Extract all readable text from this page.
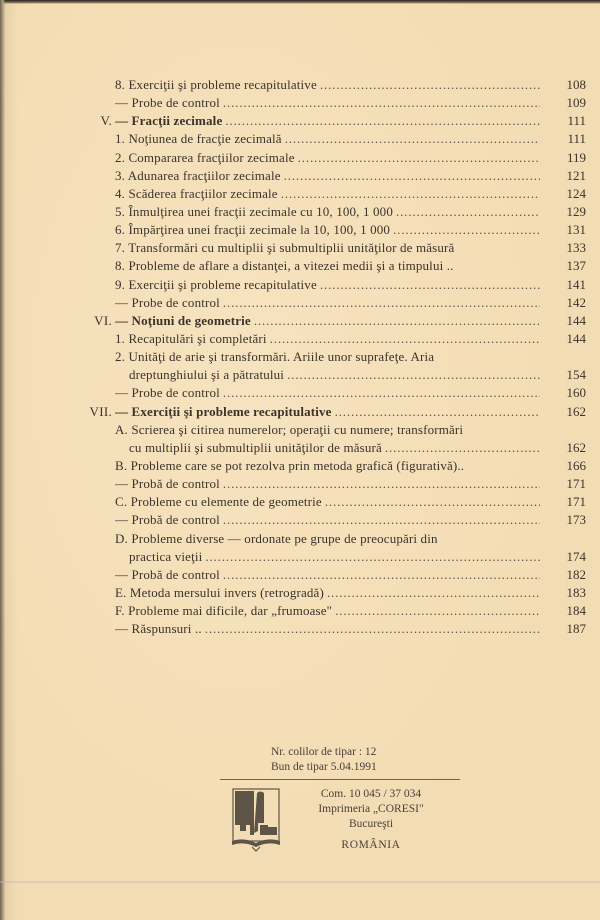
8. Exerciţii şi probleme recapitulative . . .	108
— Probe de control . . .	109
V. — Fracţii zecimale . . .	111
1. Noţiunea de fracţie zecimală . . .	111
2. Compararea fracţiilor zecimale . . .	119
3. Adunarea fracţiilor zecimale . . .	121
4. Scăderea fracţiilor zecimale . . .	124
5. Înmulţirea unei fracţii zecimale cu 10, 100, 1 000 . . .	129
6. Împărţirea unei fracţii zecimale la 10, 100, 1 000 . . .	131
7. Transformări cu multiplii şi submultiplii unităţilor de măsură	133
8. Probleme de aflare a distanţei, a vitezei medii şi a timpului ..	137
9. Exerciţii şi probleme recapitulative . . .	141
— Probe de control . . .	142
VI. — Noţiuni de geometrie . . .	144
1. Recapitulări şi completări . . .	144
2. Unităţi de arie şi transformări. Ariile unor suprafeţe. Aria
dreptunghiului şi a pătratului . . .	154
— Probe de control . . .	160
VII. — Exerciţii şi probleme recapitulative . . .	162
A. Scrierea şi citirea numerelor; operaţii cu numere; transformări
cu multiplii şi submultiplii unităţilor de măsură . . .	162
B. Probleme care se pot rezolva prin metoda grafică (figurativă)..	166
— Probă de control . . .	171
C. Probleme cu elemente de geometrie . . .	171
— Probă de control . . .	173
D. Probleme diverse — ordonate pe grupe de preocupări din
practica vieţii . . .	174
— Probă de control . . .	182
E. Metoda mersului invers (retrogradă) . . .	183
F. Probleme mai dificile, dar „frumoase" . . .	184
— Răspunsuri .. . . .	187
Nr. colilor de tipar : 12
Bun de tipar 5.04.1991
Com. 10 045 / 37 034
Imprimeria „CORESI"
Bucureşti
ROMÂNIA
